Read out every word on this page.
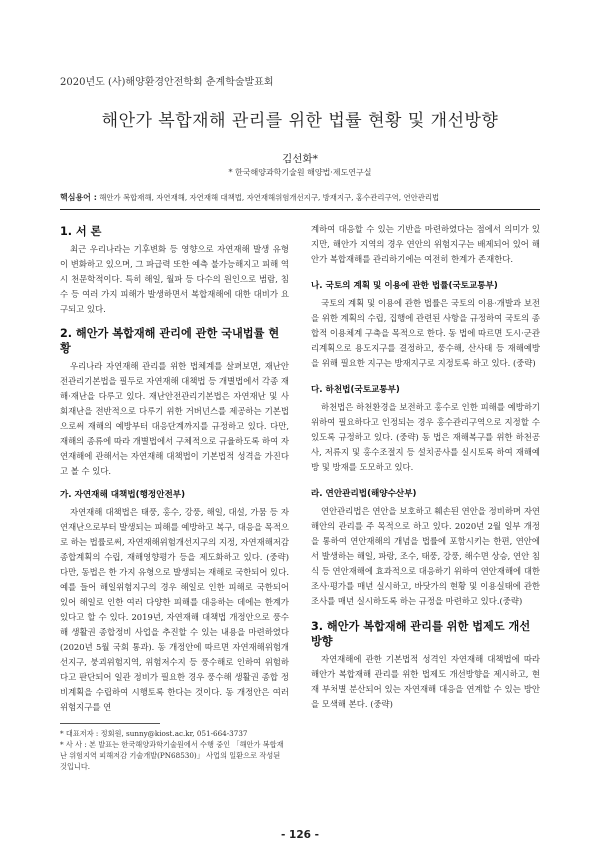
2020년도 (사)해양환경안전학회 춘계학술발표회
해안가 복합재해 관리를 위한 법률 현황 및 개선방향
김선화*
* 한국해양과학기술원 해양법·제도연구실
핵심용어 : 해안가 복합재해, 자연재해, 자연재해 대책법, 자연재해위험개선지구, 방재지구, 홍수관리구역, 연안관리법
1. 서 론

최근 우리나라는 기후변화 등 영향으로 자연재해 발생 유형이 변화하고 있으며, 그 파급력 또한 예측 불가능해지고 피해 역시 천문학적이다. 특히 해일, 월파 등 다수의 원인으로 범람, 침수 등 여러 가지 피해가 발생하면서 복합재해에 대한 대비가 요구되고 있다.

2. 해안가 복합재해 관리에 관한 국내법률 현황

우리나라 자연재해 관리를 위한 법체계를 살펴보면, 재난안전관리기본법을 필두로 자연재해 대책법 등 개별법에서 각종 재해·재난을 다루고 있다. 재난안전관리기본법은 자연재난 및 사회재난을 전반적으로 다루기 위한 거버넌스를 제공하는 기본법으로써 재해의 예방부터 대응단계까지를 규정하고 있다. 다만, 재해의 종류에 따라 개별법에서 구체적으로 규율하도록 하여 자연재해에 관해서는 자연재해 대책법이 기본법적 성격을 가진다고 볼 수 있다.

가. 자연재해 대책법(행정안전부)

자연재해 대책법은 태풍, 홍수, 강풍, 해일, 대설, 가뭄 등 자연재난으로부터 발생되는 피해를 예방하고 복구, 대응을 목적으로 하는 법률로써, 자연재해위험개선지구의 지정, 자연재해저감종합계획의 수립, 재해영향평가 등을 제도화하고 있다. (중략) 다만, 동법은 한 가지 유형으로 발생되는 재해로 국한되어 있다. 예를 들어 해일위험지구의 경우 해일로 인한 피해로 국한되어 있어 해일로 인한 여러 다양한 피해를 대응하는 데에는 한계가 있다고 할 수 있다. 2019년, 자연재해 대책법 개정안으로 풍수해 생활권 종합정비 사업을 추진할 수 있는 내용을 마련하였다(2020년 5월 국회 통과). 동 개정안에 따르면 자연재해위험개선지구, 붕괴위험지역, 위험저수지 등 풍수해로 인하여 위험하다고 판단되어 일관 정비가 필요한 경우 풍수해 생활권 종합 정비계획을 수립하여 시행토록 한다는 것이다. 동 개정안은 여러 위험지구를 연

* 대표저자 : 정회원, sunny@kiost.ac.kr, 051-664-3737
* 사 사 : 본 발표는 한국해양과학기술원에서 수행 중인 「해안가 복합재난 위험지역 피해저감 기술개발(PN68530)」 사업의 일환으로 작성된 것입니다.

계하여 대응할 수 있는 기반을 마련하였다는 점에서 의미가 있지만, 해안가 지역의 경우 연안의 위험지구는 배제되어 있어 해안가 복합재해를 관리하기에는 여전히 한계가 존재한다.

나. 국토의 계획 및 이용에 관한 법률(국토교통부)

국토의 계획 및 이용에 관한 법률은 국토의 이용·개발과 보전을 위한 계획의 수립, 집행에 관련된 사항을 규정하여 국토의 종합적 이용체계 구축을 목적으로 한다. 동 법에 따르면 도시·군관리계획으로 용도지구를 결정하고, 풍수해, 산사태 등 재해예방을 위해 필요한 지구는 방재지구로 지정토록 하고 있다. (중략)

다. 하천법(국토교통부)

하천법은 하천환경을 보전하고 홍수로 인한 피해를 예방하기 위하여 필요하다고 인정되는 경우 홍수관리구역으로 지정할 수 있도록 규정하고 있다. (중략) 동 법은 재해복구를 위한 하천공사, 저류지 및 홍수조절지 등 설치공사를 실시토록 하여 재해예방 및 방재를 도모하고 있다.

라. 연안관리법(해양수산부)

연안관리법은 연안을 보호하고 훼손된 연안을 정비하며 자연해안의 관리를 주 목적으로 하고 있다. 2020년 2월 일부 개정을 통하여 연안재해의 개념을 법률에 포함시키는 한편, 연안에서 발생하는 해일, 파랑, 조수, 태풍, 강풍, 해수면 상승, 연안 침식 등 연안재해에 효과적으로 대응하기 위하여 연안재해에 대한 조사·평가를 매년 실시하고, 바닷가의 현황 및 이용실태에 관한 조사를 매년 실시하도록 하는 규정을 마련하고 있다.(중략)

3. 해안가 복합재해 관리를 위한 법제도 개선방향

자연재해에 관한 기본법적 성격인 자연재해 대책법에 따라 해안가 복합재해 관리를 위한 법제도 개선방향을 제시하고, 현재 부처별 분산되어 있는 자연재해 대응을 연계할 수 있는 방안을 모색해 본다. (중략)

- 126 -
